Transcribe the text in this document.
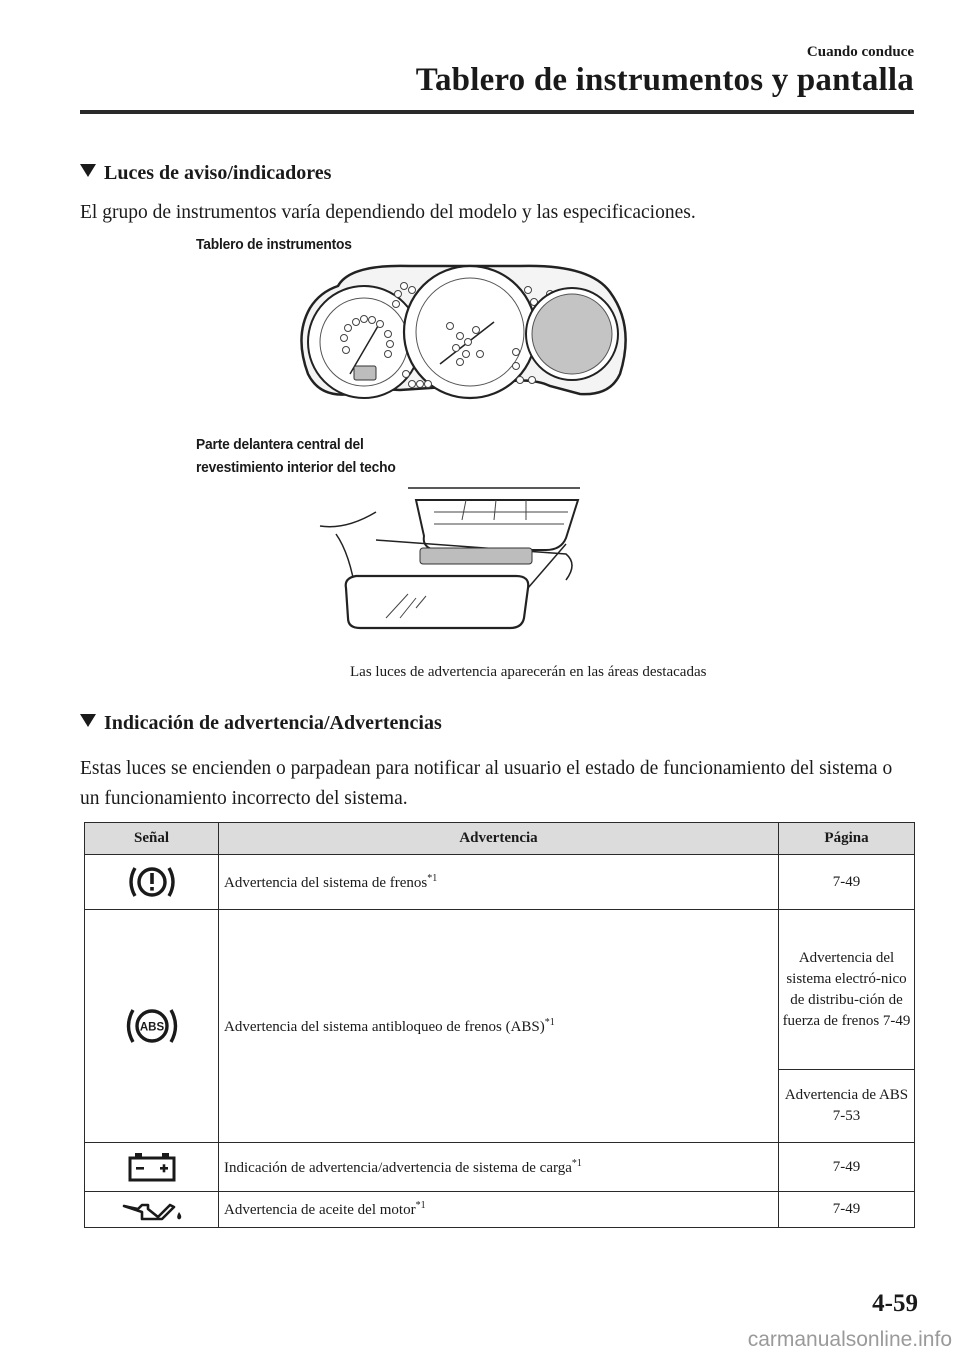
Cuando conduce
Tablero de instrumentos y pantalla
Luces de aviso/indicadores
El grupo de instrumentos varía dependiendo del modelo y las especificaciones.
Tablero de instrumentos
Parte delantera central del
revestimiento interior del techo
Las luces de advertencia aparecerán en las áreas destacadas
Indicación de advertencia/Advertencias
Estas luces se encienden o parpadean para notificar al usuario el estado de funcionamiento del sistema o un funcionamiento incorrecto del sistema.
Señal	Advertencia	Página
	Advertencia del sistema de frenos$^{*1}$	7-49

ABS	Advertencia del sistema antibloqueo de frenos (ABS)$^{*1}$	Advertencia del sistema electró-nico de distribu-ción de fuerza de frenos 7-49
		Advertencia de ABS 7-53
	Indicación de advertencia/advertencia de sistema de carga$^{*1}$	7-49
	Advertencia de aceite del motor$^{*1}$	7-49
4-59
carmanualsonline.info
